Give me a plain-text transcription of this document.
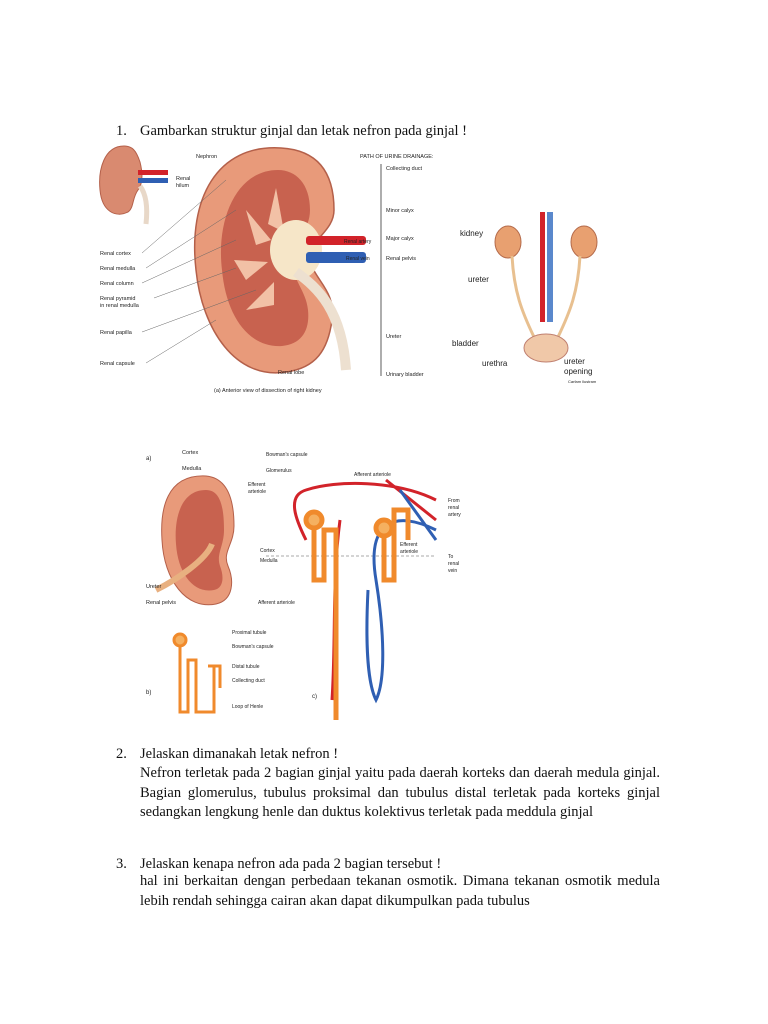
1. Gambarkan struktur ginjal dan letak nefron pada ginjal !
Renal
hilum
Renal cortex
Renal medulla
Renal column
Renal pyramid
in renal medulla
Renal papilla
Renal capsule
Nephron	PATH OF URINE DRAINAGE:
Collecting duct
Minor calyx
Major calyx
Renal pelvis
Ureter
Urinary bladder
Renal artery
Renal vein
Renal lobe
(a) Anterior view of dissection of right kidney
kidney
ureter
bladder
urethra	ureter
opening
Carfam llustram
a)
Cortex
Medulla
Ureter
Renal pelvis
b)
Proximal tubule
Bowman's capsule
Distal tubule
Collecting duct
Loop of Henle
c)
Bowman's capsule
Glomerulus
Afferent arteriole
Efferent
arteriole
From
renal
artery
Efferent
arteriole
To
renal
vein
Cortex
Medulla
Afferent arteriole
2. Jelaskan dimanakah letak nefron !
Nefron terletak pada 2 bagian ginjal yaitu pada daerah korteks dan daerah medula ginjal. Bagian glomerulus, tubulus proksimal dan tubulus distal terletak pada korteks ginjal sedangkan lengkung henle dan duktus kolektivus terletak pada meddula ginjal
3. Jelaskan kenapa nefron ada pada 2 bagian tersebut !
hal ini berkaitan dengan perbedaan tekanan osmotik. Dimana tekanan osmotik medula lebih rendah sehingga cairan akan dapat dikumpulkan pada tubulus
